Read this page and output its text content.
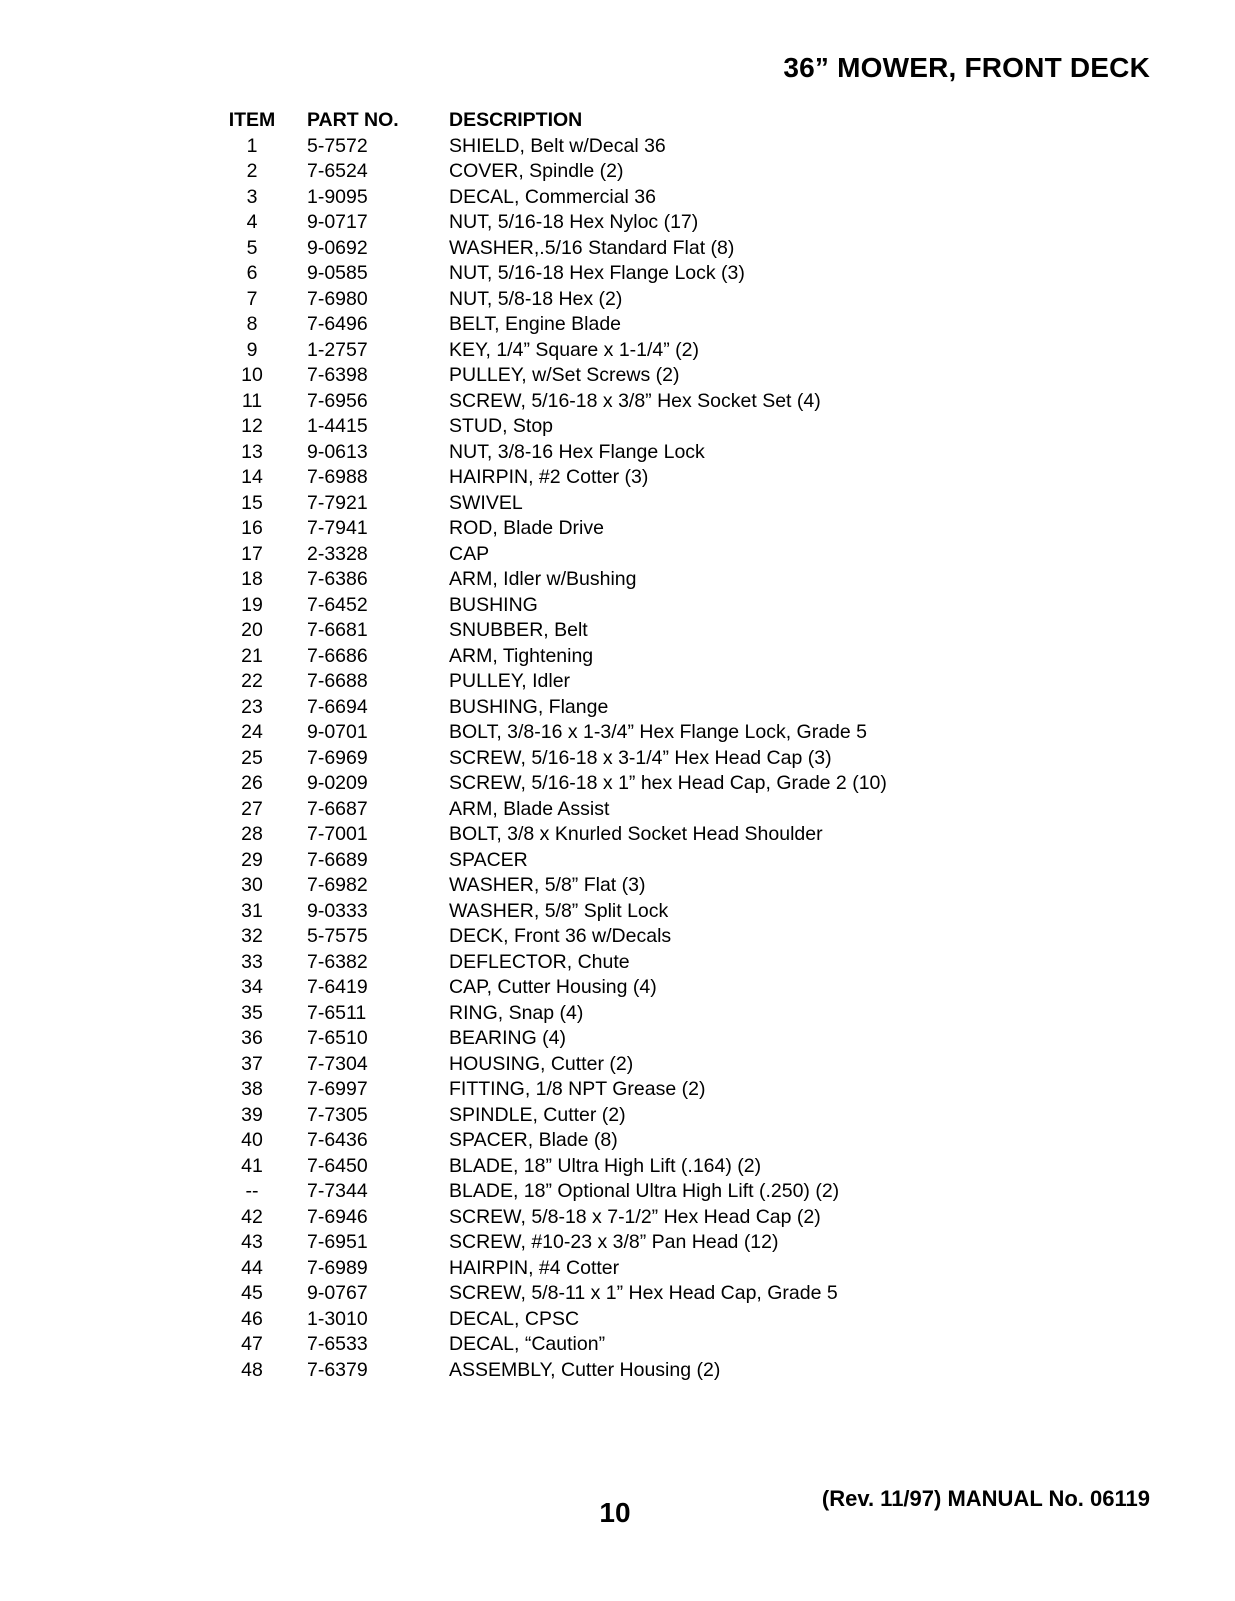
36” MOWER, FRONT DECK
ITEM	PART NO.	DESCRIPTION
1	5-7572	SHIELD, Belt w/Decal 36
2	7-6524	COVER, Spindle (2)
3	1-9095	DECAL, Commercial 36
4	9-0717	NUT, 5/16-18 Hex Nyloc (17)
5	9-0692	WASHER,.5/16 Standard Flat (8)
6	9-0585	NUT, 5/16-18 Hex Flange Lock (3)
7	7-6980	NUT, 5/8-18 Hex (2)
8	7-6496	BELT, Engine Blade
9	1-2757	KEY, 1/4” Square x 1-1/4” (2)
10	7-6398	PULLEY, w/Set Screws (2)
11	7-6956	SCREW, 5/16-18 x 3/8” Hex Socket Set (4)
12	1-4415	STUD, Stop
13	9-0613	NUT, 3/8-16 Hex Flange Lock
14	7-6988	HAIRPIN, #2 Cotter (3)
15	7-7921	SWIVEL
16	7-7941	ROD, Blade Drive
17	2-3328	CAP
18	7-6386	ARM, Idler w/Bushing
19	7-6452	BUSHING
20	7-6681	SNUBBER, Belt
21	7-6686	ARM, Tightening
22	7-6688	PULLEY, Idler
23	7-6694	BUSHING, Flange
24	9-0701	BOLT, 3/8-16 x 1-3/4” Hex Flange Lock, Grade 5
25	7-6969	SCREW, 5/16-18 x 3-1/4” Hex Head Cap (3)
26	9-0209	SCREW, 5/16-18 x 1” hex Head Cap, Grade 2 (10)
27	7-6687	ARM, Blade Assist
28	7-7001	BOLT, 3/8 x Knurled Socket Head Shoulder
29	7-6689	SPACER
30	7-6982	WASHER, 5/8” Flat (3)
31	9-0333	WASHER, 5/8” Split Lock
32	5-7575	DECK, Front 36 w/Decals
33	7-6382	DEFLECTOR, Chute
34	7-6419	CAP, Cutter Housing (4)
35	7-6511	RING, Snap (4)
36	7-6510	BEARING (4)
37	7-7304	HOUSING, Cutter (2)
38	7-6997	FITTING, 1/8 NPT Grease (2)
39	7-7305	SPINDLE, Cutter (2)
40	7-6436	SPACER, Blade (8)
41	7-6450	BLADE, 18” Ultra High Lift (.164) (2)
--	7-7344	BLADE, 18” Optional Ultra High Lift (.250) (2)
42	7-6946	SCREW, 5/8-18 x 7-1/2” Hex Head Cap (2)
43	7-6951	SCREW, #10-23 x 3/8” Pan Head (12)
44	7-6989	HAIRPIN, #4 Cotter
45	9-0767	SCREW, 5/8-11 x 1” Hex Head Cap, Grade 5
46	1-3010	DECAL, CPSC
47	7-6533	DECAL, “Caution”
48	7-6379	ASSEMBLY, Cutter Housing (2)
10	(Rev. 11/97) MANUAL No. 06119
